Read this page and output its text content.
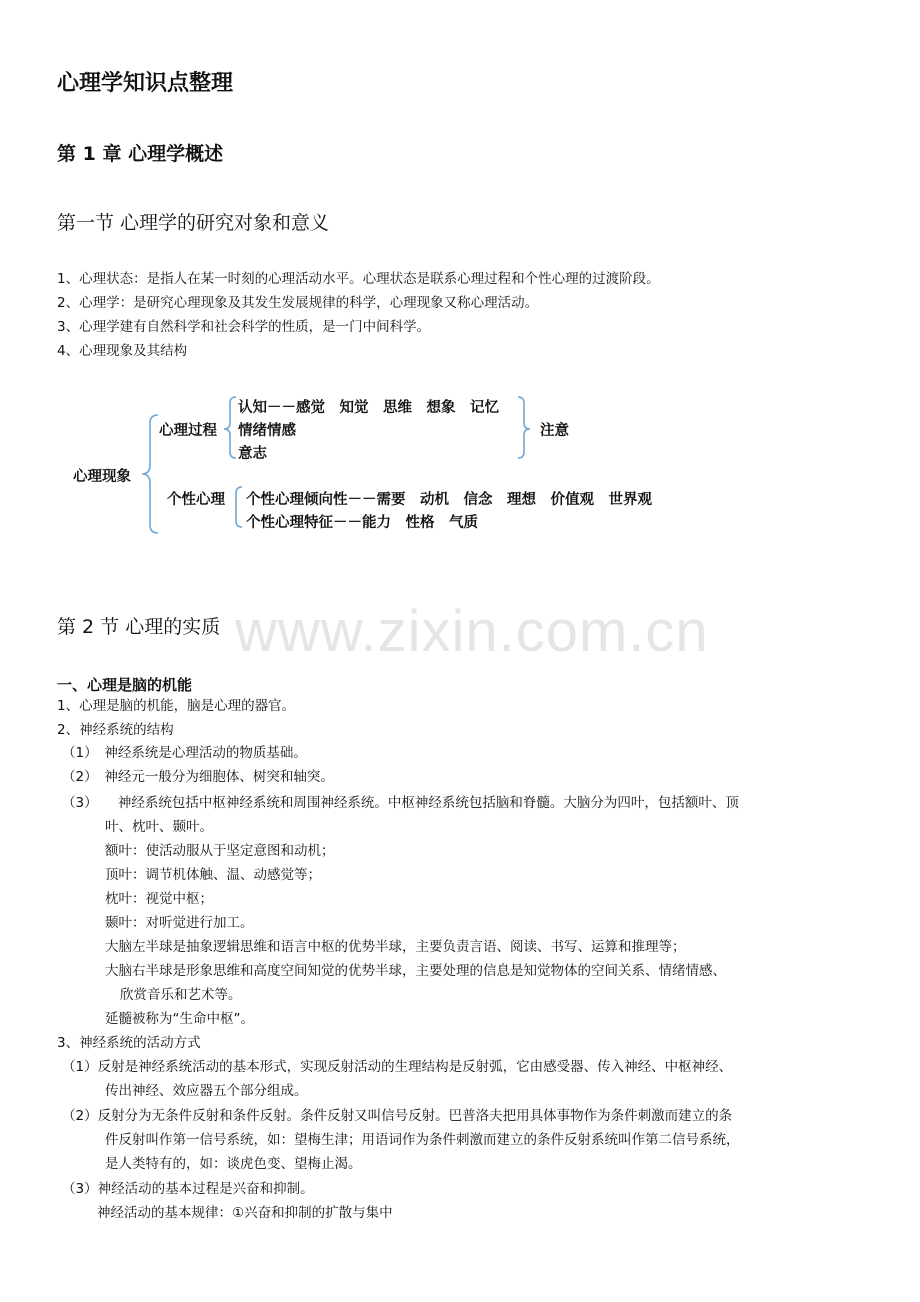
www.zixin.com.cn
心理学知识点整理
第 1 章 心理学概述
第一节 心理学的研究对象和意义
1、心理状态：是指人在某一时刻的心理活动水平。心理状态是联系心理过程和个性心理的过渡阶段。
2、心理学：是研究心理现象及其发生发展规律的科学，心理现象又称心理活动。
3、心理学建有自然科学和社会科学的性质，是一门中间科学。
4、心理现象及其结构
心理现象
心理过程
认知－－感觉　知觉　思维　想象　记忆
情绪情感
意志
注意
个性心理 个性心理倾向性－－需要　动机　信念　理想　价值观　世界观
个性心理特征－－能力　性格　气质
第 2 节 心理的实质
一、心理是脑的机能
1、心理是脑的机能，脑是心理的器官。
2、神经系统的结构
（1）　神经系统是心理活动的物质基础。
（2）　神经元一般分为细胞体、树突和轴突。
（3）　　神经系统包括中枢神经系统和周围神经系统。中枢神经系统包括脑和脊髓。大脑分为四叶，包括额叶、顶
叶、枕叶、颞叶。
额叶：使活动服从于坚定意图和动机；
顶叶：调节机体触、温、动感觉等；
枕叶：视觉中枢；
颞叶：对听觉进行加工。
大脑左半球是抽象逻辑思维和语言中枢的优势半球，主要负责言语、阅读、书写、运算和推理等；
大脑右半球是形象思维和高度空间知觉的优势半球，主要处理的信息是知觉物体的空间关系、情绪情感、
欣赏音乐和艺术等。
延髓被称为“生命中枢”。
3、神经系统的活动方式
（1）反射是神经系统活动的基本形式，实现反射活动的生理结构是反射弧，它由感受器、传入神经、中枢神经、
传出神经、效应器五个部分组成。
（2）反射分为无条件反射和条件反射。条件反射又叫信号反射。巴普洛夫把用具体事物作为条件刺激而建立的条
件反射叫作第一信号系统，如：望梅生津；用语词作为条件刺激而建立的条件反射系统叫作第二信号系统，
是人类特有的，如：谈虎色变、望梅止渴。
（3）神经活动的基本过程是兴奋和抑制。
神经活动的基本规律：①兴奋和抑制的扩散与集中
